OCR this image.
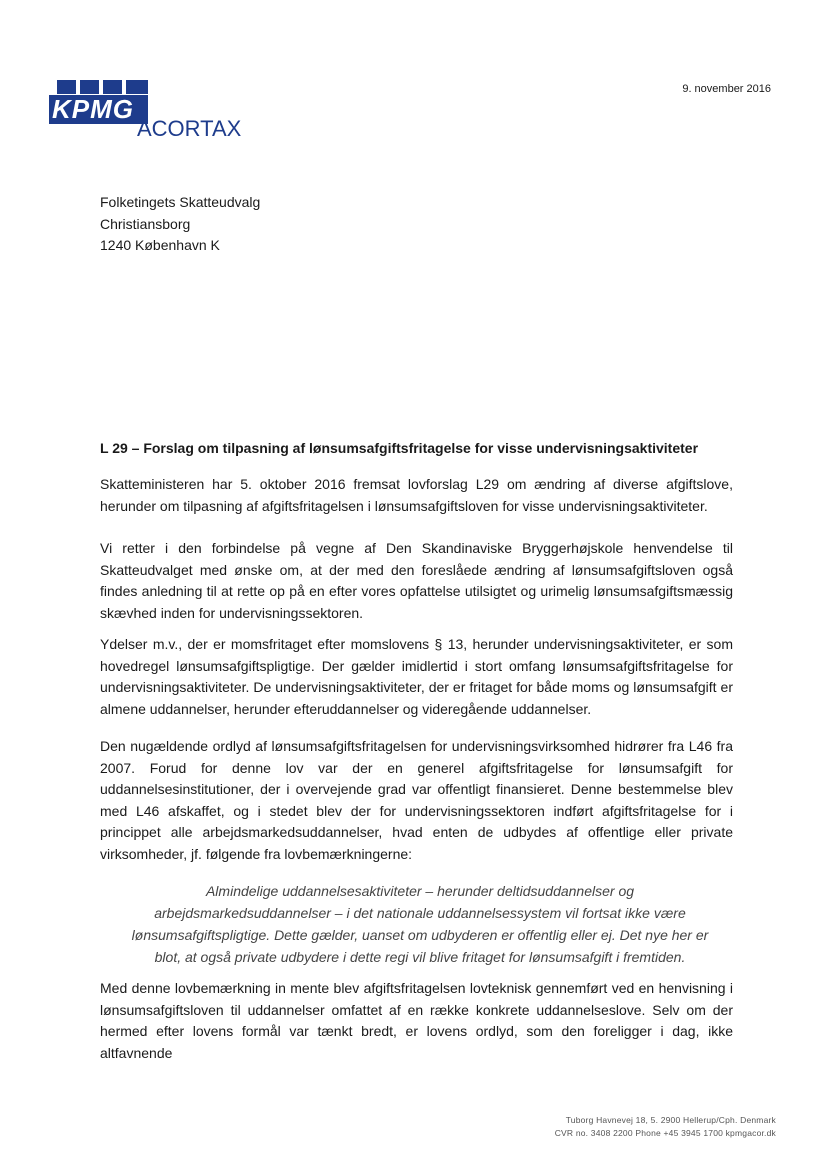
KPMG
ACORTAX
9. november 2016
Folketingets Skatteudvalg
Christiansborg
1240 København K
L 29 – Forslag om tilpasning af lønsumsafgiftsfritagelse for visse undervisningsaktiviteter

Skatteministeren har 5. oktober 2016 fremsat lovforslag L29 om ændring af diverse afgiftslove, herunder om tilpasning af afgiftsfritagelsen i lønsumsafgiftsloven for visse undervisningsaktiviteter.

Vi retter i den forbindelse på vegne af Den Skandinaviske Bryggerhøjskole henvendelse til Skatteudvalget med ønske om, at der med den foreslåede ændring af lønsumsafgiftsloven også findes anledning til at rette op på en efter vores opfattelse utilsigtet og urimelig lønsumsafgiftsmæssig skævhed inden for undervisningssektoren.

Ydelser m.v., der er momsfritaget efter momslovens § 13, herunder undervisningsaktiviteter, er som hovedregel lønsumsafgiftspligtige. Der gælder imidlertid i stort omfang lønsumsafgiftsfritagelse for undervisningsaktiviteter. De undervisningsaktiviteter, der er fritaget for både moms og lønsumsafgift er almene uddannelser, herunder efteruddannelser og videregående uddannelser.

Den nugældende ordlyd af lønsumsafgiftsfritagelsen for undervisningsvirksomhed hidrører fra L46 fra 2007. Forud for denne lov var der en generel afgiftsfritagelse for lønsumsafgift for uddannelsesinstitutioner, der i overvejende grad var offentligt finansieret. Denne bestemmelse blev med L46 afskaffet, og i stedet blev der for undervisningssektoren indført afgiftsfritagelse for i princippet alle arbejdsmarkedsuddannelser, hvad enten de udbydes af offentlige eller private virksomheder, jf. følgende fra lovbemærkningerne:

Almindelige uddannelsesaktiviteter – herunder deltidsuddannelser og arbejdsmarkedsuddannelser – i det nationale uddannelsessystem vil fortsat ikke være lønsumsafgiftspligtige. Dette gælder, uanset om udbyderen er offentlig eller ej. Det nye her er blot, at også private udbydere i dette regi vil blive fritaget for lønsumsafgift i fremtiden.

Med denne lovbemærkning in mente blev afgiftsfritagelsen lovteknisk gennemført ved en henvisning i lønsumsafgiftsloven til uddannelser omfattet af en række konkrete uddannelseslove. Selv om der hermed efter lovens formål var tænkt bredt, er lovens ordlyd, som den foreligger i dag, ikke altfavnende

Tuborg Havnevej 18, 5. 2900 Hellerup/Cph. Denmark
CVR no. 3408 2200 Phone +45 3945 1700 kpmgacor.dk
